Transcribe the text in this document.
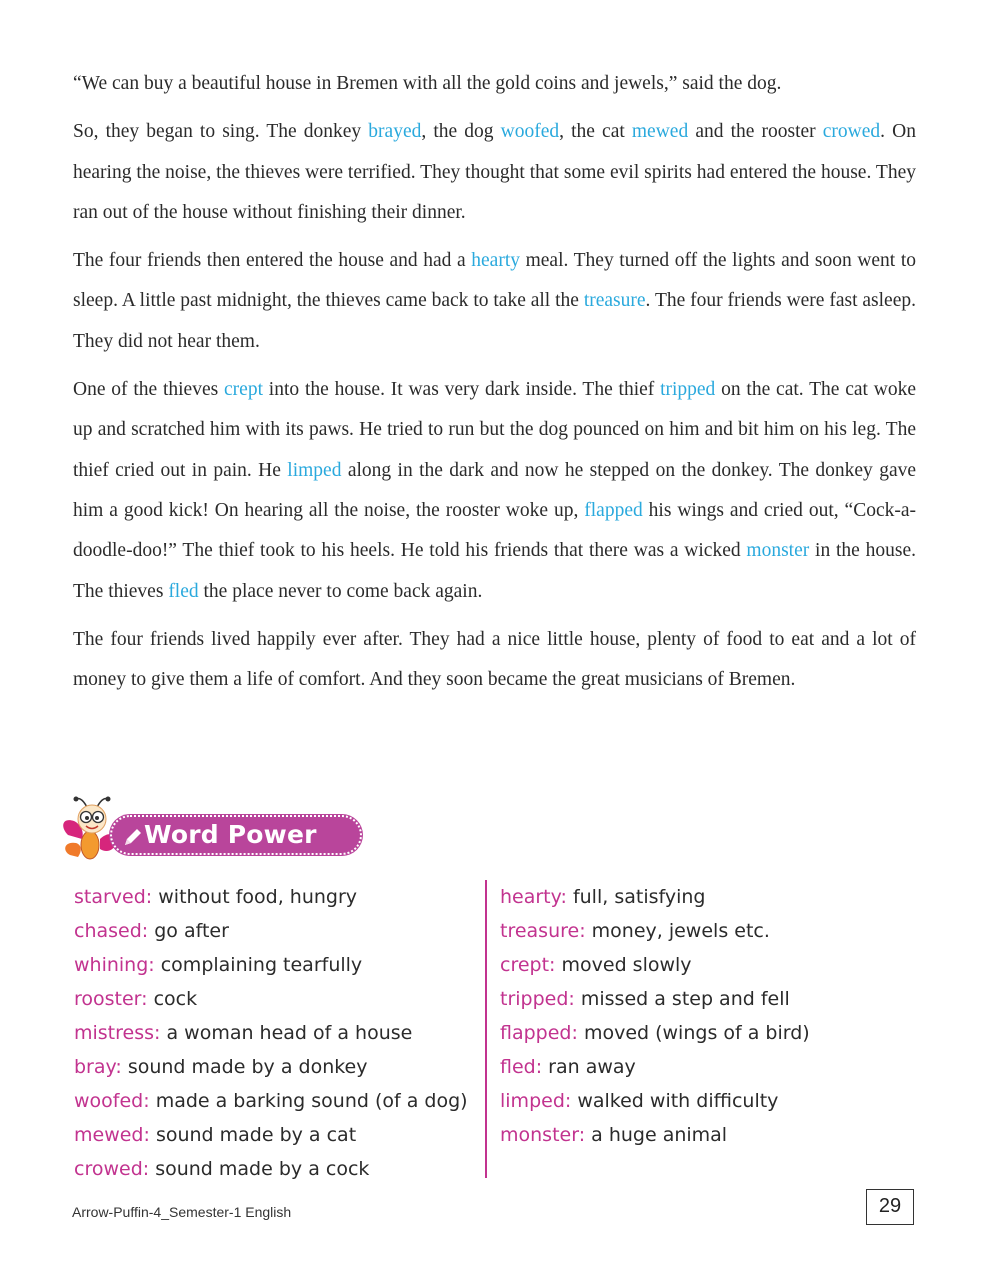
“We can buy a beautiful house in Bremen with all the gold coins and jewels,” said the dog.

So, they began to sing. The donkey brayed, the dog woofed, the cat mewed and the rooster crowed. On hearing the noise, the thieves were terrified. They thought that some evil spirits had entered the house. They ran out of the house without finishing their dinner.

The four friends then entered the house and had a hearty meal. They turned off the lights and soon went to sleep. A little past midnight, the thieves came back to take all the treasure. The four friends were fast asleep. They did not hear them.

One of the thieves crept into the house. It was very dark inside. The thief tripped on the cat. The cat woke up and scratched him with its paws. He tried to run but the dog pounced on him and bit him on his leg. The thief cried out in pain. He limped along in the dark and now he stepped on the donkey. The donkey gave him a good kick! On hearing all the noise, the rooster woke up, flapped his wings and cried out, “Cock-a-doodle-doo!” The thief took to his heels. He told his friends that there was a wicked monster in the house. The thieves fled the place never to come back again.

The four friends lived happily ever after. They had a nice little house, plenty of food to eat and a lot of money to give them a life of comfort. And they soon became the great musicians of Bremen.

Word Power
starved: without food, hungry
chased: go after
whining: complaining tearfully
rooster: cock
mistress: a woman head of a house
bray: sound made by a donkey
woofed: made a barking sound (of a dog)
mewed: sound made by a cat
crowed: sound made by a cock
hearty: full, satisfying
treasure: money, jewels etc.
crept: moved slowly
tripped: missed a step and fell
flapped: moved (wings of a bird)
fled: ran away
limped: walked with difficulty
monster: a huge animal
Arrow-Puffin-4_Semester-1 English	29
